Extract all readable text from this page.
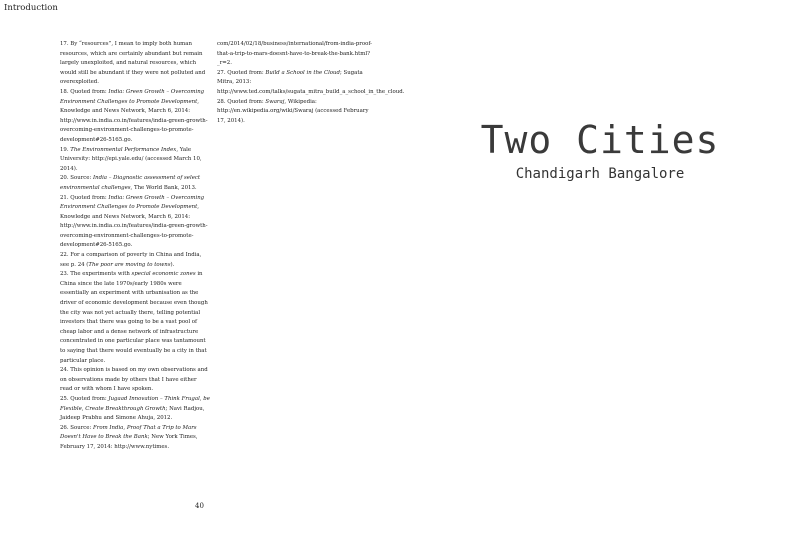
Introduction

17. By “resources”, I mean to imply both human resources, which are certainly abundant but remain largely unexploited, and natural resources, which would still be abundant if they were not polluted and overexploited.

18. Quoted from: India: Green Growth – Overcoming Environment Challenges to Promote Development, Knowledge and News Network, March 6, 2014: http://www.in.india.co.in/features/india-green-growth-overcoming-environment-challenges-to-promote-development#26-5165.go.

19. The Environmental Performance Index, Yale University: http://epi.yale.edu/ (accessed March 10, 2014).

20. Source: India – Diagnostic assessment of select environmental challenges, The World Bank, 2013.

21. Quoted from: India: Green Growth – Overcoming Environment Challenges to Promote Development, Knowledge and News Network, March 6, 2014: http://www.in.india.co.in/features/india-green-growth-overcoming-environment-challenges-to-promote-development#26-5165.go.

22. For a comparison of poverty in China and India, see p. 24 (The poor are moving to towns).

23. The experiments with special economic zones in China since the late 1970s/early 1980s were essentially an experiment with urbanisation as the driver of economic development because even though the city was not yet actually there, telling potential investors that there was going to be a vast pool of cheap labor and a dense network of infrastructure concentrated in one particular place was tantamount to saying that there would eventually be a city in that particular place.

24. This opinion is based on my own observations and on observations made by others that I have either read or with whom I have spoken.

25. Quoted from: Jugaad Innovation – Think Frugal, be Flexible, Create Breakthrough Growth; Navi Radjou, Jaideep Prabhu and Simone Ahuja, 2012.

26. Source: From India, Proof That a Trip to Mars Doesn't Have to Break the Bank; New York Times, February 17, 2014: http://www.nytimes.

com/2014/02/18/business/international/from-india-proof-that-a-trip-to-mars-doesnt-have-to-break-the-bank.html?_r=2.

27. Quoted from: Build a School in the Cloud; Sugata Mitra, 2013: http://www.ted.com/talks/sugata_mitra_build_a_school_in_the_cloud.

28. Quoted from: Swaraj, Wikipedia: http://en.wikipedia.org/wiki/Swaraj (accessed February 17, 2014).

40
Two Cities
Chandigarh Bangalore
